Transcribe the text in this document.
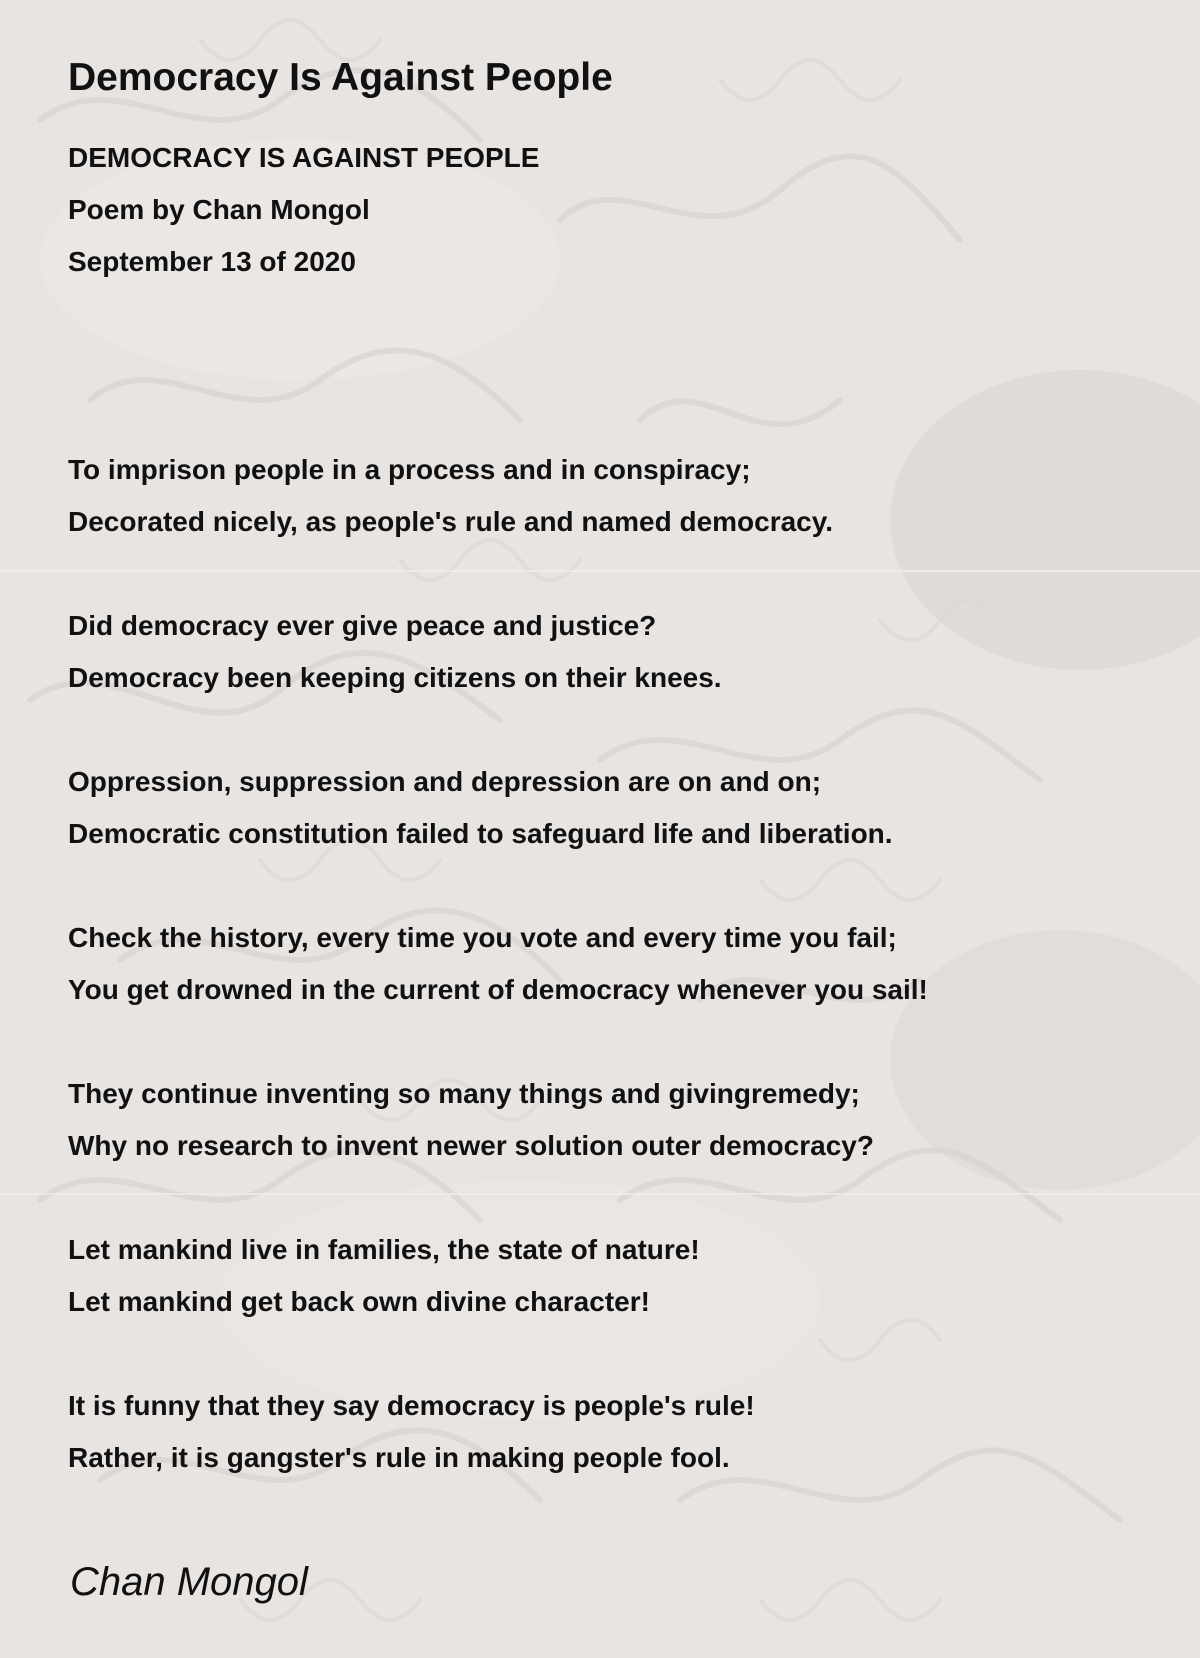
Democracy Is Against People
DEMOCRACY IS AGAINST PEOPLE
Poem by Chan Mongol
September 13 of 2020
To imprison people in a process and in conspiracy;
Decorated nicely, as people's rule and named democracy.
Did democracy ever give peace and justice?
Democracy been keeping citizens on their knees.
Oppression, suppression and depression are on and on;
Democratic constitution failed to safeguard life and liberation.
Check the history, every time you vote and every time you fail;
You get drowned in the current of democracy whenever you sail!
They continue inventing so many things and givingremedy;
Why no research to invent newer solution outer democracy?
Let mankind live in families, the state of nature!
Let mankind get back own divine character!
It is funny that they say democracy is people's rule!
Rather, it is gangster's rule in making people fool.
Chan Mongol
